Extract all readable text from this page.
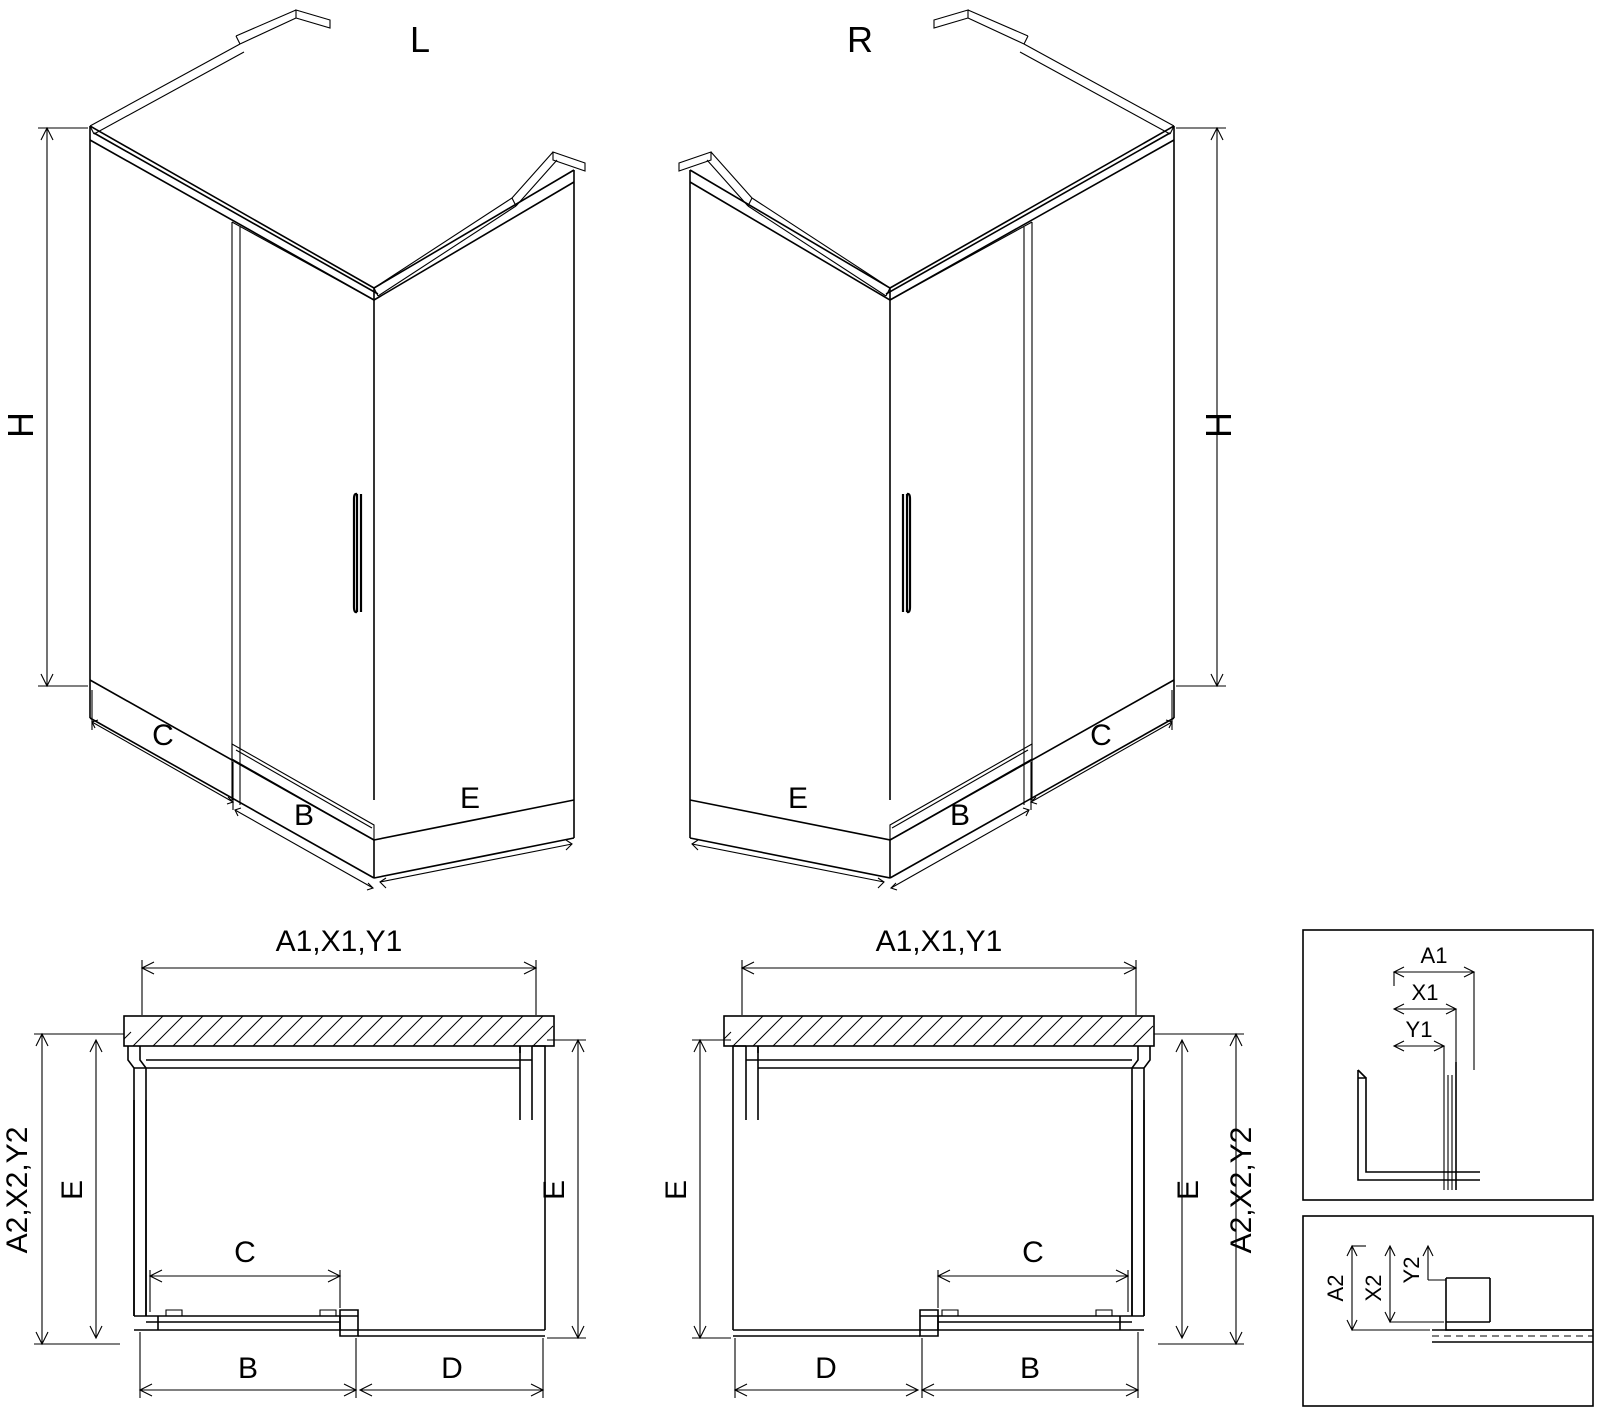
H
C
B
E
L
H
C
B
E
R
A1,X1,Y1
A2,X2,Y2 E	E
C
B	D
A1,X1,Y1
A2,X2,Y2
E
E
C
B
D
A1
X1
Y1
A2 X2
Y2
